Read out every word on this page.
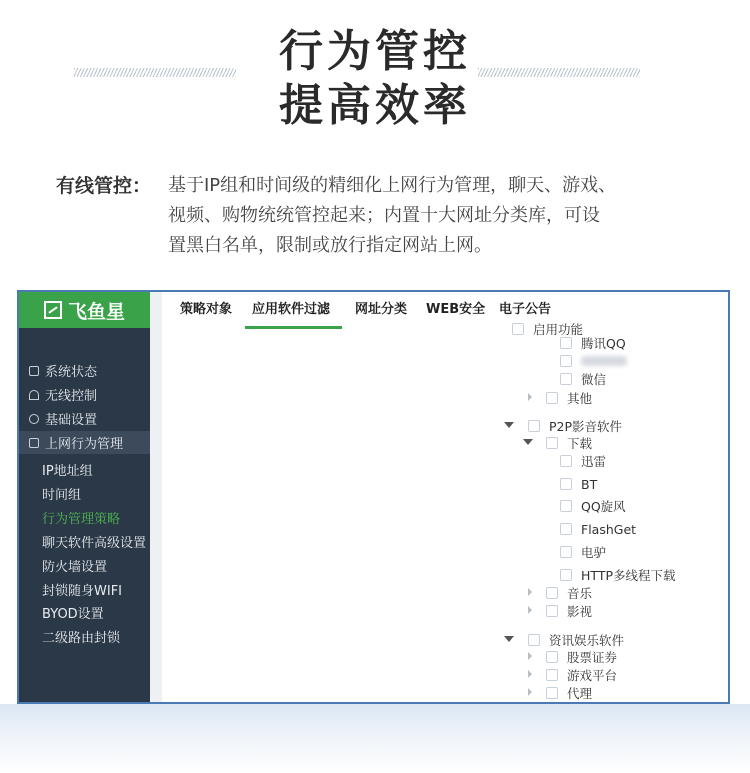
行为管控
提高效率
有线管控： 基于IP组和时间级的精细化上网行为管理，聊天、游戏、
视频、购物统统管控起来；内置十大网址分类库，可设
置黑白名单，限制或放行指定网站上网。
飞鱼星
系统状态
无线控制
基础设置
上网行为管理
IP地址组
时间组
行为管理策略
聊天软件高级设置
防火墙设置
封锁随身WIFI
BYOD设置
二级路由封锁
策略对象 应用软件过滤 网址分类 WEB安全 电子公告
启用功能
腾讯QQ
微信
其他
P2P影音软件
下载
迅雷
BT
QQ旋风
FlashGet
电驴
HTTP多线程下载
音乐
影视
资讯娱乐软件
股票证券
游戏平台
代理
